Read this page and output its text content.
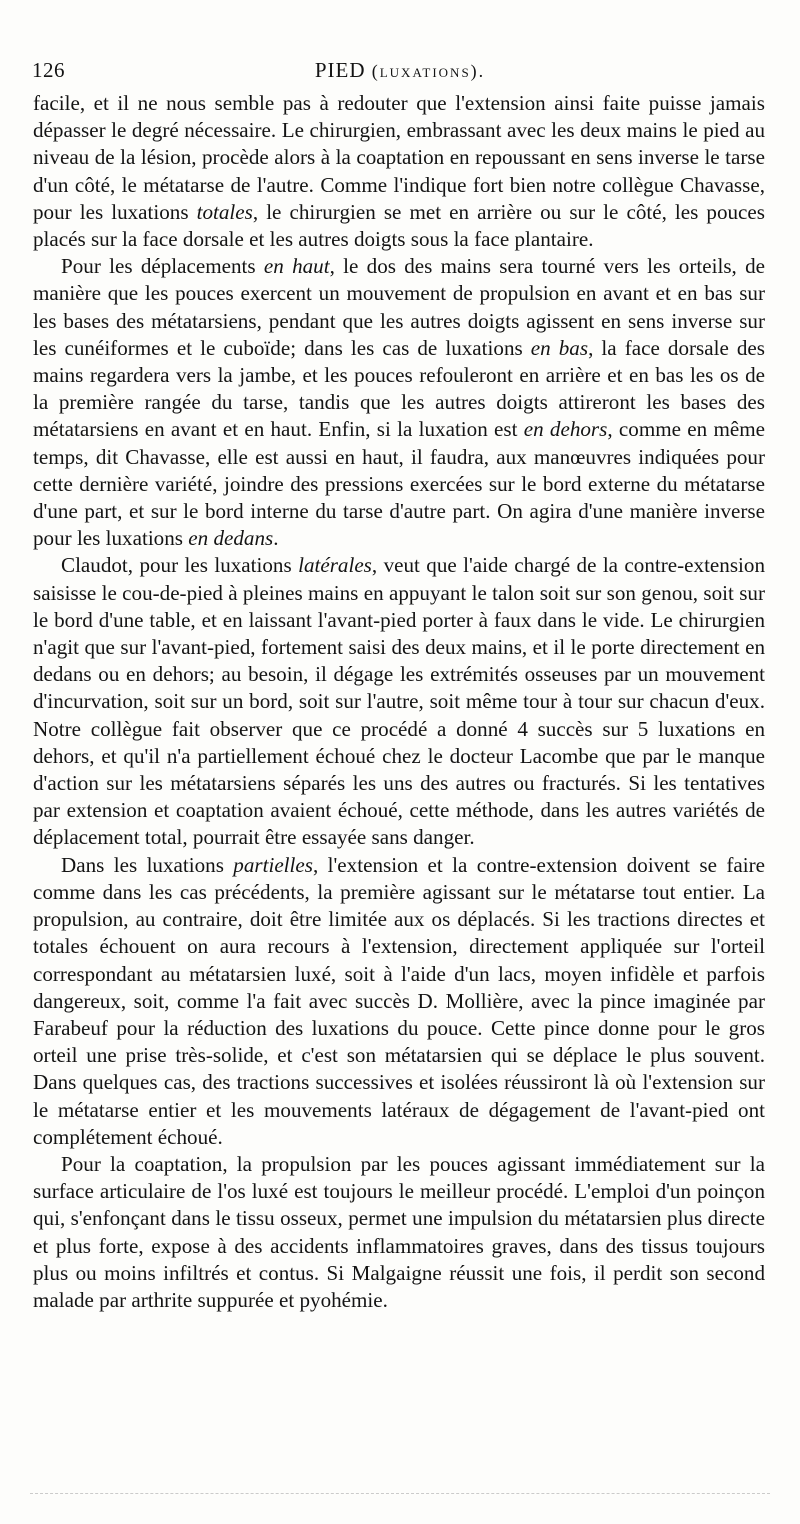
126	PIED (luxations).

facile, et il ne nous semble pas à redouter que l'extension ainsi faite puisse jamais dépasser le degré nécessaire. Le chirurgien, embrassant avec les deux mains le pied au niveau de la lésion, procède alors à la coaptation en repoussant en sens inverse le tarse d'un côté, le métatarse de l'autre. Comme l'indique fort bien notre collègue Chavasse, pour les luxations totales, le chirurgien se met en arrière ou sur le côté, les pouces placés sur la face dorsale et les autres doigts sous la face plantaire.

Pour les déplacements en haut, le dos des mains sera tourné vers les orteils, de manière que les pouces exercent un mouvement de propulsion en avant et en bas sur les bases des métatarsiens, pendant que les autres doigts agissent en sens inverse sur les cunéiformes et le cuboïde; dans les cas de luxations en bas, la face dorsale des mains regardera vers la jambe, et les pouces refouleront en arrière et en bas les os de la première rangée du tarse, tandis que les autres doigts attireront les bases des métatarsiens en avant et en haut. Enfin, si la luxation est en dehors, comme en même temps, dit Chavasse, elle est aussi en haut, il faudra, aux manœuvres indiquées pour cette dernière variété, joindre des pressions exercées sur le bord externe du métatarse d'une part, et sur le bord interne du tarse d'autre part. On agira d'une manière inverse pour les luxations en dedans.

Claudot, pour les luxations latérales, veut que l'aide chargé de la contre-extension saisisse le cou-de-pied à pleines mains en appuyant le talon soit sur son genou, soit sur le bord d'une table, et en laissant l'avant-pied porter à faux dans le vide. Le chirurgien n'agit que sur l'avant-pied, fortement saisi des deux mains, et il le porte directement en dedans ou en dehors; au besoin, il dégage les extrémités osseuses par un mouvement d'incurvation, soit sur un bord, soit sur l'autre, soit même tour à tour sur chacun d'eux. Notre collègue fait observer que ce procédé a donné 4 succès sur 5 luxations en dehors, et qu'il n'a partiellement échoué chez le docteur Lacombe que par le manque d'action sur les métatarsiens séparés les uns des autres ou fracturés. Si les tentatives par extension et coaptation avaient échoué, cette méthode, dans les autres variétés de déplacement total, pourrait être essayée sans danger.

Dans les luxations partielles, l'extension et la contre-extension doivent se faire comme dans les cas précédents, la première agissant sur le métatarse tout entier. La propulsion, au contraire, doit être limitée aux os déplacés. Si les tractions directes et totales échouent on aura recours à l'extension, directement appliquée sur l'orteil correspondant au métatarsien luxé, soit à l'aide d'un lacs, moyen infidèle et parfois dangereux, soit, comme l'a fait avec succès D. Mollière, avec la pince imaginée par Farabeuf pour la réduction des luxations du pouce. Cette pince donne pour le gros orteil une prise très-solide, et c'est son métatarsien qui se déplace le plus souvent. Dans quelques cas, des tractions successives et isolées réussiront là où l'extension sur le métatarse entier et les mouvements latéraux de dégagement de l'avant-pied ont complétement échoué.

Pour la coaptation, la propulsion par les pouces agissant immédiatement sur la surface articulaire de l'os luxé est toujours le meilleur procédé. L'emploi d'un poinçon qui, s'enfonçant dans le tissu osseux, permet une impulsion du métatarsien plus directe et plus forte, expose à des accidents inflammatoires graves, dans des tissus toujours plus ou moins infiltrés et contus. Si Malgaigne réussit une fois, il perdit son second malade par arthrite suppurée et pyohémie.
